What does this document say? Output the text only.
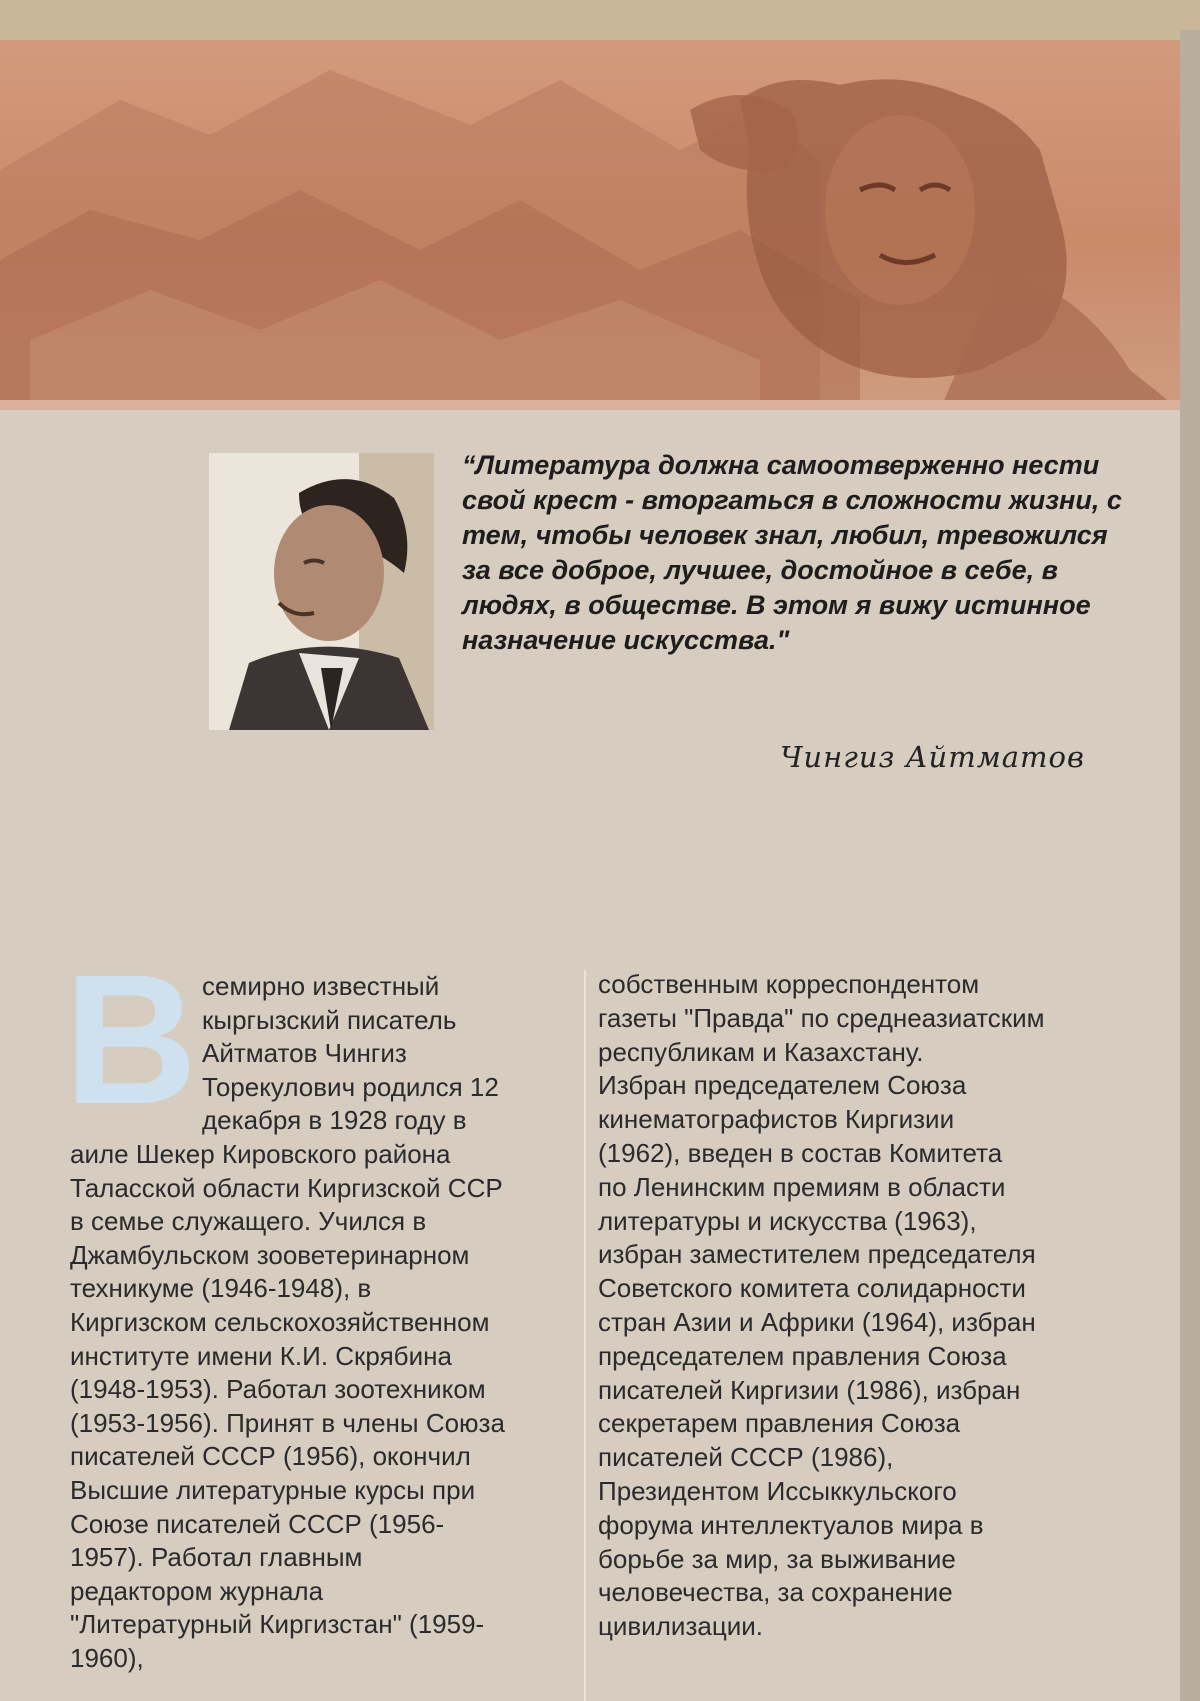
“Литература должна самоотверженно нести свой крест - вторгаться в сложности жизни, с тем, чтобы человек знал, любил, тревожился за все доброе, лучшее, достойное в себе, в людях, в обществе. В этом я вижу истинное назначение искусства."

Чингиз Айтматов
В семирно известный
кыргызский писатель
Айтматов Чингиз
Торекулович родился 12
декабря в 1928 году в

аиле Шекер Кировского района
Таласской области Киргизской ССР
в семье служащего. Учился в
Джамбульском зооветеринарном
техникуме (1946-1948), в
Киргизском сельскохозяйственном
институте имени К.И. Скрябина
(1948-1953). Работал зоотехником
(1953-1956). Принят в члены Союза
писателей СССР (1956), окончил
Высшие литературные курсы при
Союзе писателей СССР (1956-
1957). Работал главным
редактором журнала
"Литературный Киргизстан" (1959-
1960),

собственным корреспондентом
газеты "Правда" по среднеазиатским
республикам и Казахстану.
Избран председателем Союза
кинематографистов Киргизии
(1962), введен в состав Комитета
по Ленинским премиям в области
литературы и искусства (1963),
избран заместителем председателя
Советского комитета солидарности
стран Азии и Африки (1964), избран
председателем правления Союза
писателей Киргизии (1986), избран
секретарем правления Союза
писателей СССР (1986),
Президентом Иссыккульского
форума интеллектуалов мира в
борьбе за мир, за выживание
человечества, за сохранение
цивилизации.
